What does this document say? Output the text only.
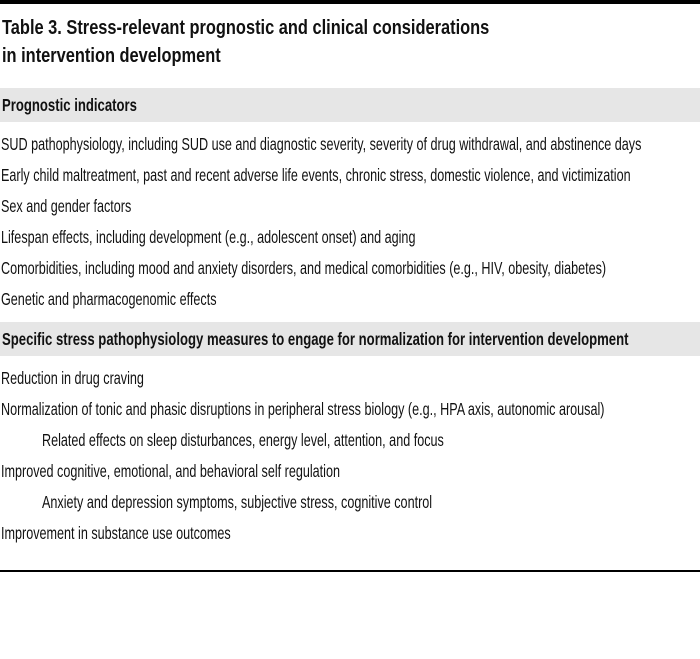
Table 3. Stress-relevant prognostic and clinical considerations
in intervention development
Prognostic indicators
SUD pathophysiology, including SUD use and diagnostic severity, severity of drug withdrawal, and abstinence days
Early child maltreatment, past and recent adverse life events, chronic stress, domestic violence, and victimization
Sex and gender factors
Lifespan effects, including development (e.g., adolescent onset) and aging
Comorbidities, including mood and anxiety disorders, and medical comorbidities (e.g., HIV, obesity, diabetes)
Genetic and pharmacogenomic effects
Specific stress pathophysiology measures to engage for normalization for intervention development
Reduction in drug craving
Normalization of tonic and phasic disruptions in peripheral stress biology (e.g., HPA axis, autonomic arousal)
Related effects on sleep disturbances, energy level, attention, and focus
Improved cognitive, emotional, and behavioral self regulation
Anxiety and depression symptoms, subjective stress, cognitive control
Improvement in substance use outcomes
